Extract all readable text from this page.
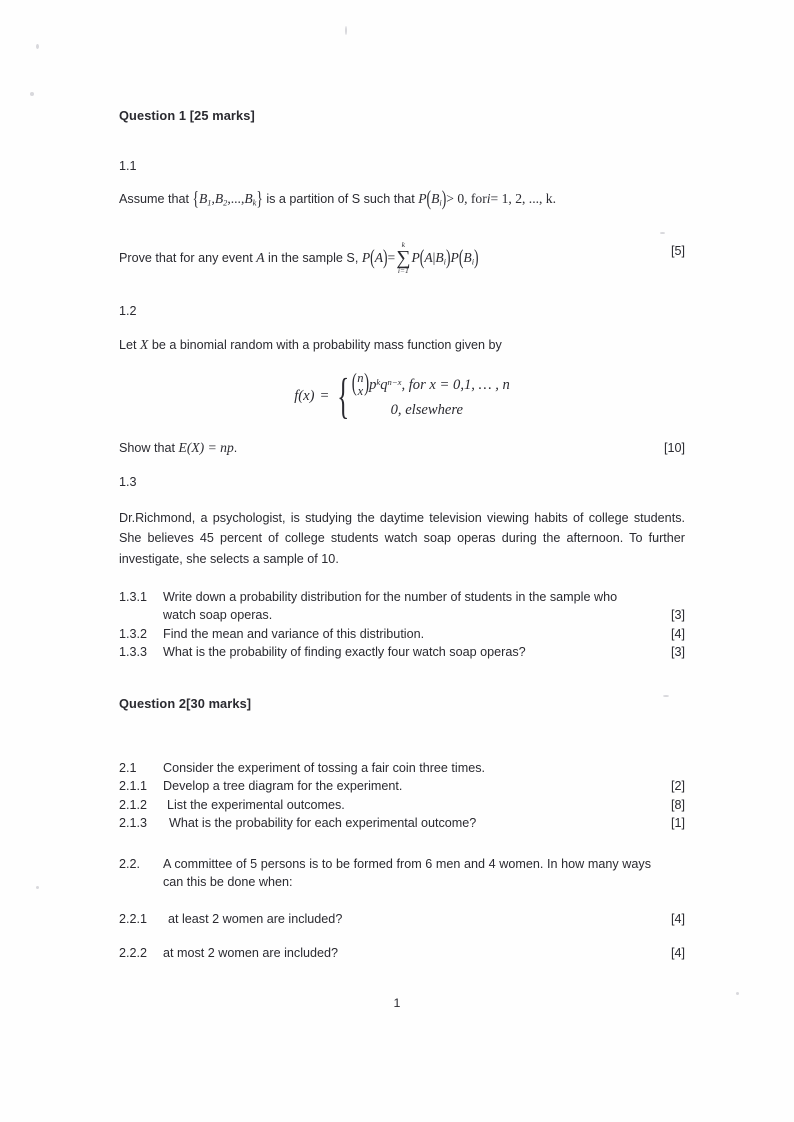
Question 1 [25 marks]
1.1
Assume that $\{B_1,B_2,...,B_k\}$ is a partition of S such that $P(B_i)> 0$, fori= 1, 2, ..., k.
Prove that for any event A in the sample S, P(A)=
k
∑
i=1
$P(A|B_i)P(B_i)$	[5]
1.2
Let X be a binomial random with a probability mass function given by
f(x) = { ( n
x ) $p^kq^{n-x}$, for x = 0,1, … , n
0, elsewhere
Show that E(X) = np.	[10]
1.3
Dr.Richmond, a psychologist, is studying the daytime television viewing habits of college students. She believes 45 percent of college students watch soap operas during the afternoon. To further investigate, she selects a sample of 10.
1.3.1	Write down a probability distribution for the number of students in the sample who watch soap operas.	[3]
1.3.2	Find the mean and variance of this distribution.	[4]
1.3.3	What is the probability of finding exactly four watch soap operas?	[3]
Question 2[30 marks]
2.1	Consider the experiment of tossing a fair coin three times.
2.1.1	Develop a tree diagram for the experiment.	[2]
2.1.2	List the experimental outcomes.	[8]
2.1.3	What is the probability for each experimental outcome?	[1]
2.2.	A committee of 5 persons is to be formed from 6 men and 4 women. In how many ways can this be done when:
2.2.1	at least 2 women are included?	[4]
2.2.2	at most 2 women are included?	[4]
1
